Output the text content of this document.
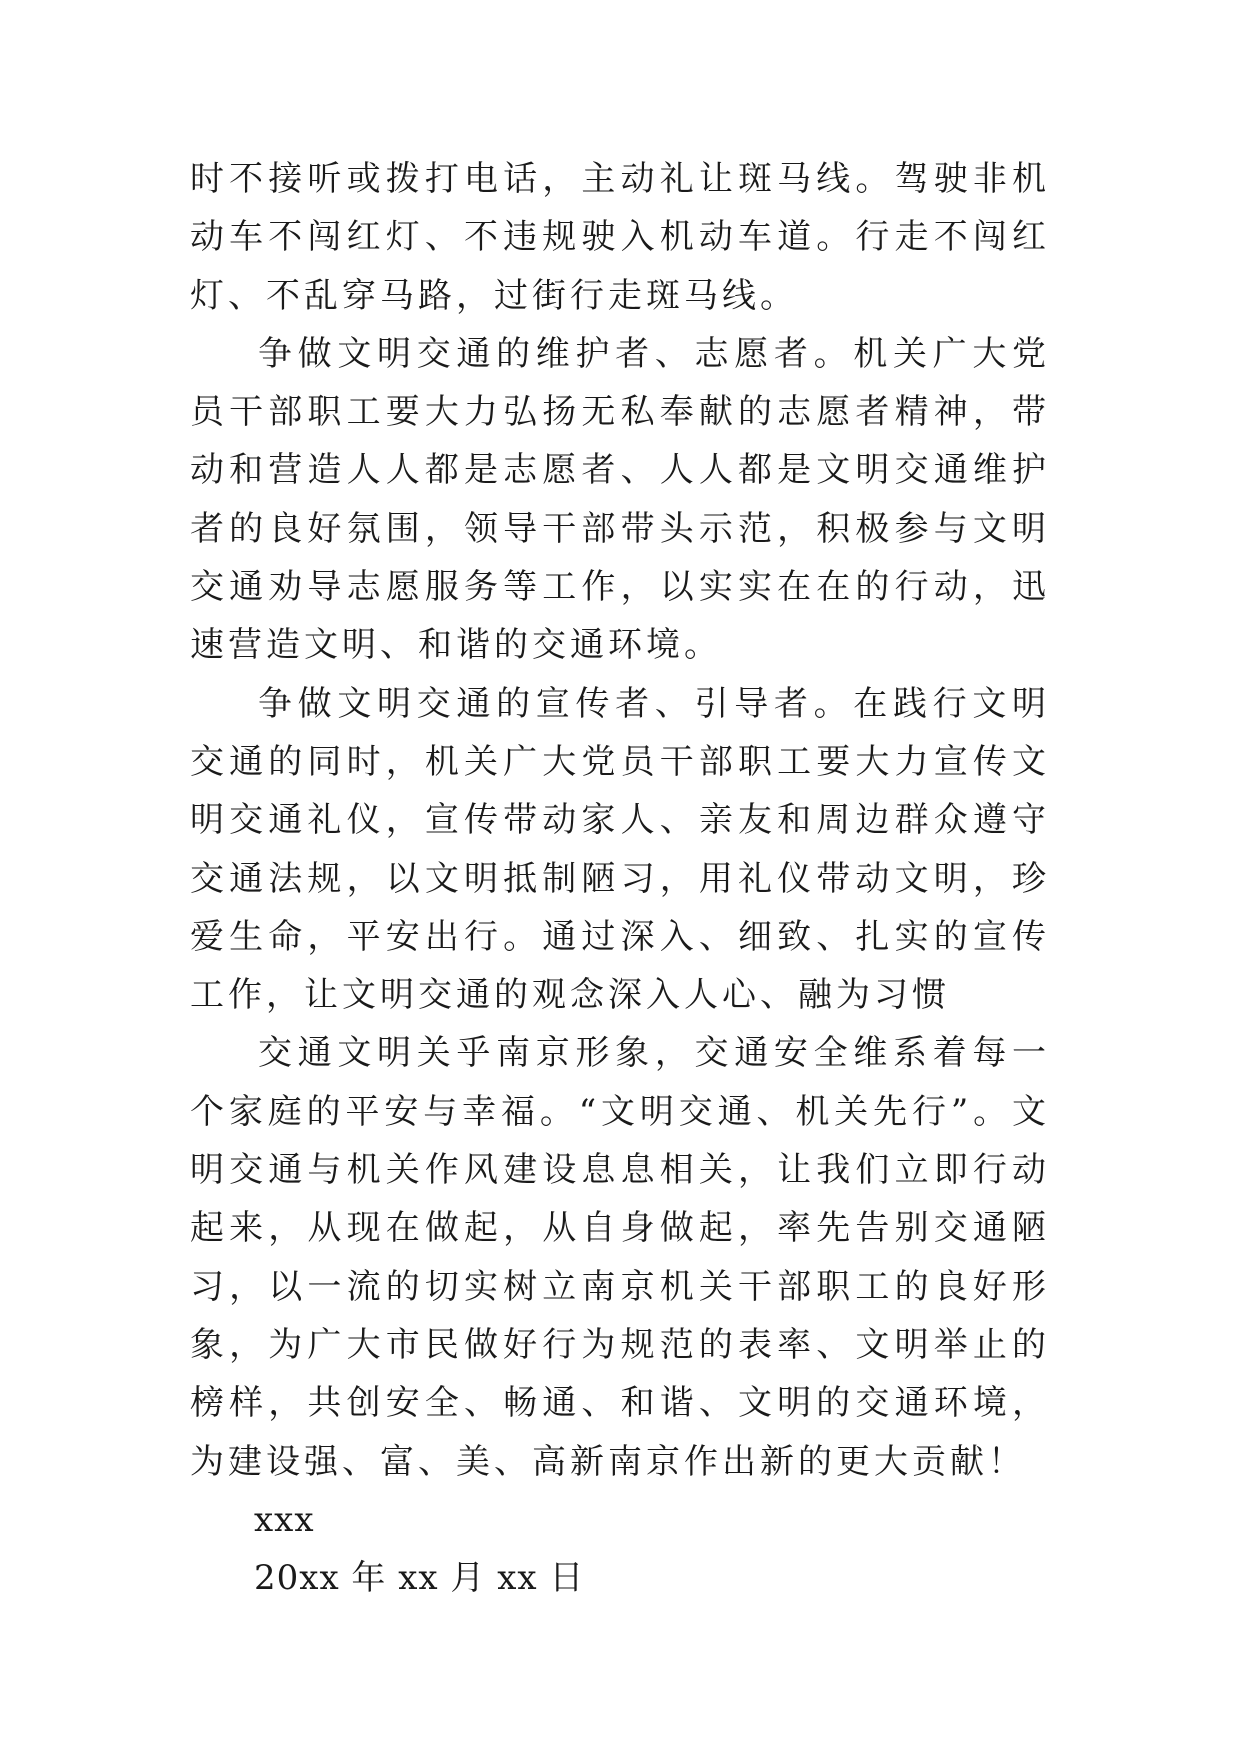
时不接听或拨打电话，主动礼让斑马线。驾驶非机动车不闯红灯、不违规驶入机动车道。行走不闯红灯、不乱穿马路，过街行走斑马线。

争做文明交通的维护者、志愿者。机关广大党员干部职工要大力弘扬无私奉献的志愿者精神，带动和营造人人都是志愿者、人人都是文明交通维护者的良好氛围，领导干部带头示范，积极参与文明交通劝导志愿服务等工作，以实实在在的行动，迅速营造文明、和谐的交通环境。

争做文明交通的宣传者、引导者。在践行文明交通的同时，机关广大党员干部职工要大力宣传文明交通礼仪，宣传带动家人、亲友和周边群众遵守交通法规，以文明抵制陋习，用礼仪带动文明，珍爱生命，平安出行。通过深入、细致、扎实的宣传工作，让文明交通的观念深入人心、融为习惯

交通文明关乎南京形象，交通安全维系着每一个家庭的平安与幸福。“文明交通、机关先行”。文明交通与机关作风建设息息相关，让我们立即行动起来，从现在做起，从自身做起，率先告别交通陋习，以一流的切实树立南京机关干部职工的良好形象，为广大市民做好行为规范的表率、文明举止的榜样，共创安全、畅通、和谐、文明的交通环境，为建设强、富、美、高新南京作出新的更大贡献！

xxx

20xx 年 xx 月 xx 日
